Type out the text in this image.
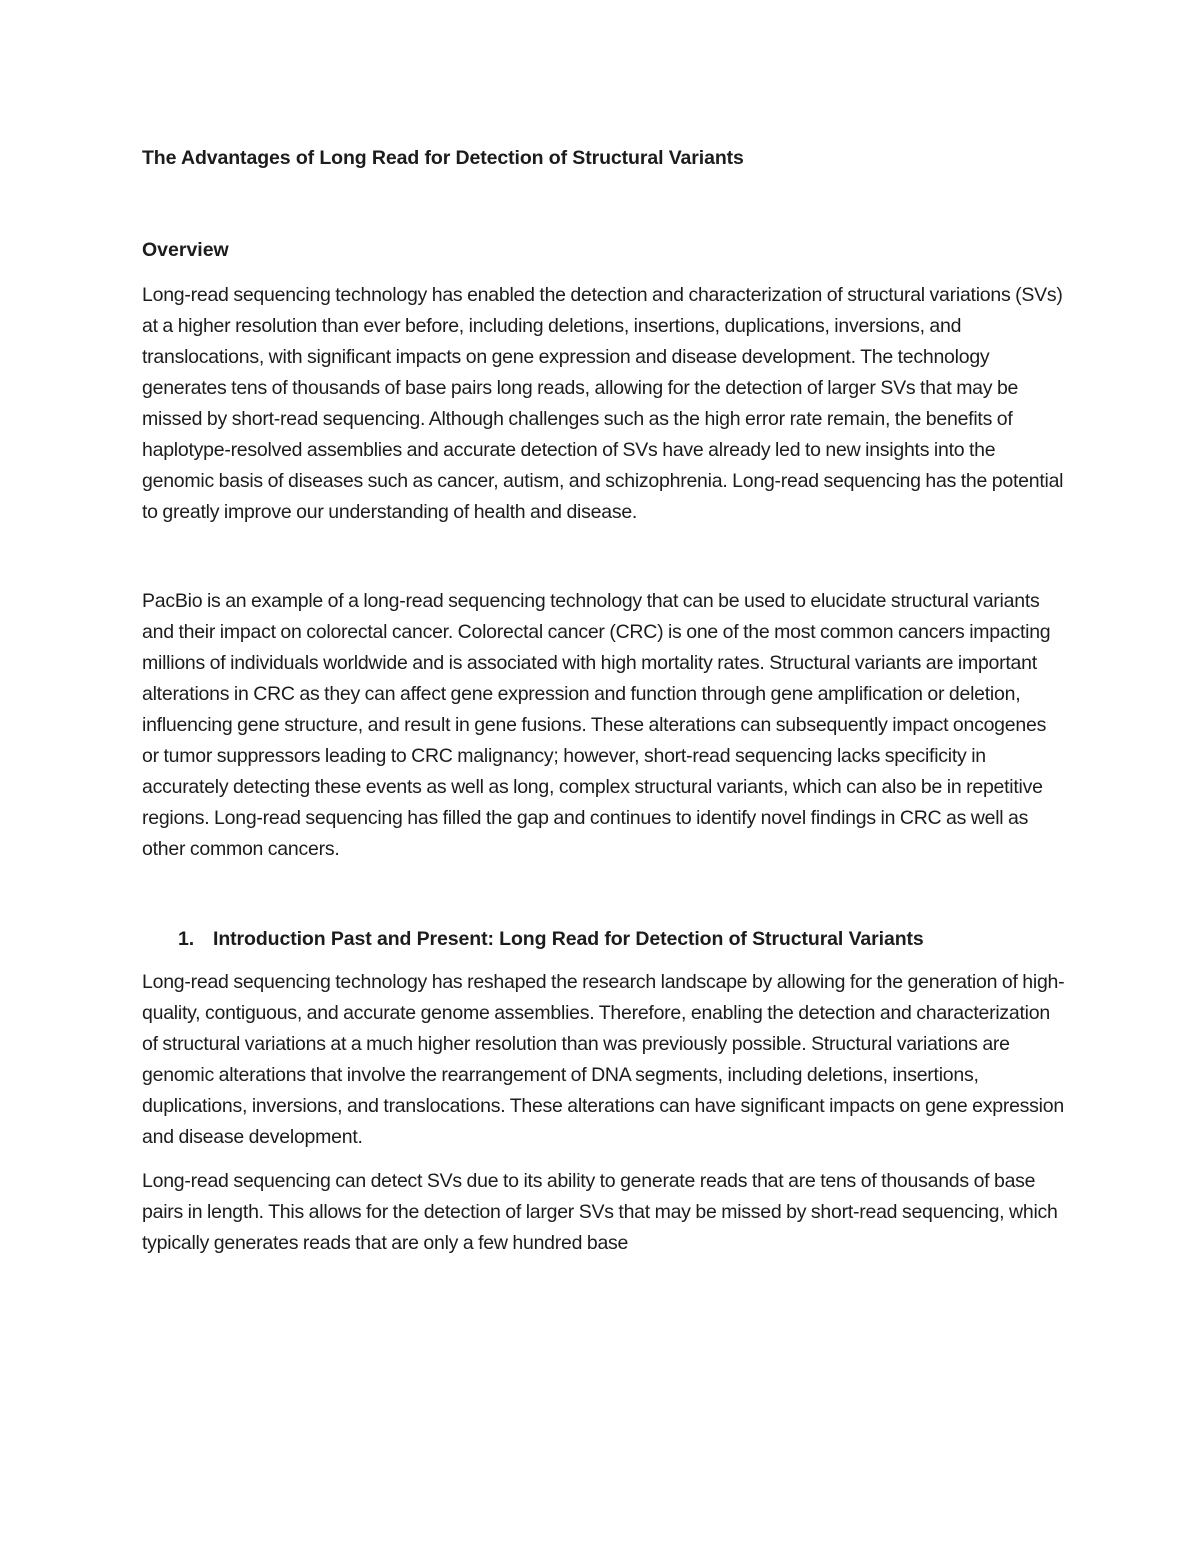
The Advantages of Long Read for Detection of Structural Variants
Overview

Long-read sequencing technology has enabled the detection and characterization of structural variations (SVs) at a higher resolution than ever before, including deletions, insertions, duplications, inversions, and translocations, with significant impacts on gene expression and disease development. The technology generates tens of thousands of base pairs long reads, allowing for the detection of larger SVs that may be missed by short-read sequencing. Although challenges such as the high error rate remain, the benefits of haplotype-resolved assemblies and accurate detection of SVs have already led to new insights into the genomic basis of diseases such as cancer, autism, and schizophrenia. Long-read sequencing has the potential to greatly improve our understanding of health and disease.

PacBio is an example of a long-read sequencing technology that can be used to elucidate structural variants and their impact on colorectal cancer. Colorectal cancer (CRC) is one of the most common cancers impacting millions of individuals worldwide and is associated with high mortality rates. Structural variants are important alterations in CRC as they can affect gene expression and function through gene amplification or deletion, influencing gene structure, and result in gene fusions. These alterations can subsequently impact oncogenes or tumor suppressors leading to CRC malignancy; however, short-read sequencing lacks specificity in accurately detecting these events as well as long, complex structural variants, which can also be in repetitive regions. Long-read sequencing has filled the gap and continues to identify novel findings in CRC as well as other common cancers.

1. Introduction Past and Present: Long Read for Detection of Structural Variants

Long-read sequencing technology has reshaped the research landscape by allowing for the generation of high-quality, contiguous, and accurate genome assemblies. Therefore, enabling the detection and characterization of structural variations at a much higher resolution than was previously possible. Structural variations are genomic alterations that involve the rearrangement of DNA segments, including deletions, insertions, duplications, inversions, and translocations. These alterations can have significant impacts on gene expression and disease development.

Long-read sequencing can detect SVs due to its ability to generate reads that are tens of thousands of base pairs in length. This allows for the detection of larger SVs that may be missed by short-read sequencing, which typically generates reads that are only a few hundred base
